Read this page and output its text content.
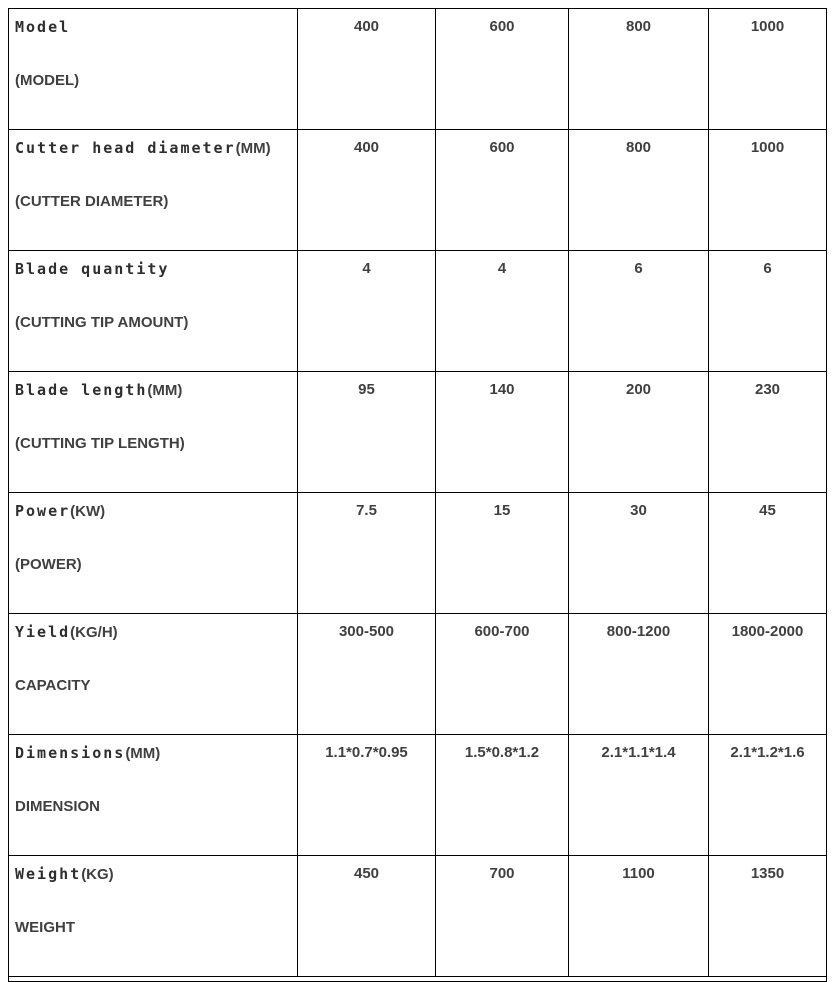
Model
(MODEL)	400	600	800	1000

Cutter head diameter(MM)
(CUTTER DIAMETER)	400	600	800	1000

Blade quantity
(CUTTING TIP AMOUNT)	4	4	6	6

Blade length(MM)
(CUTTING TIP LENGTH)	95	140	200	230

Power(KW)
(POWER)	7.5	15	30	45

Yield(KG/H)
CAPACITY	300-500	600-700	800-1200	1800-2000

Dimensions(MM)
DIMENSION	1.1*0.7*0.95	1.5*0.8*1.2	2.1*1.1*1.4	2.1*1.2*1.6

Weight(KG)
WEIGHT	450	700	1100	1350
